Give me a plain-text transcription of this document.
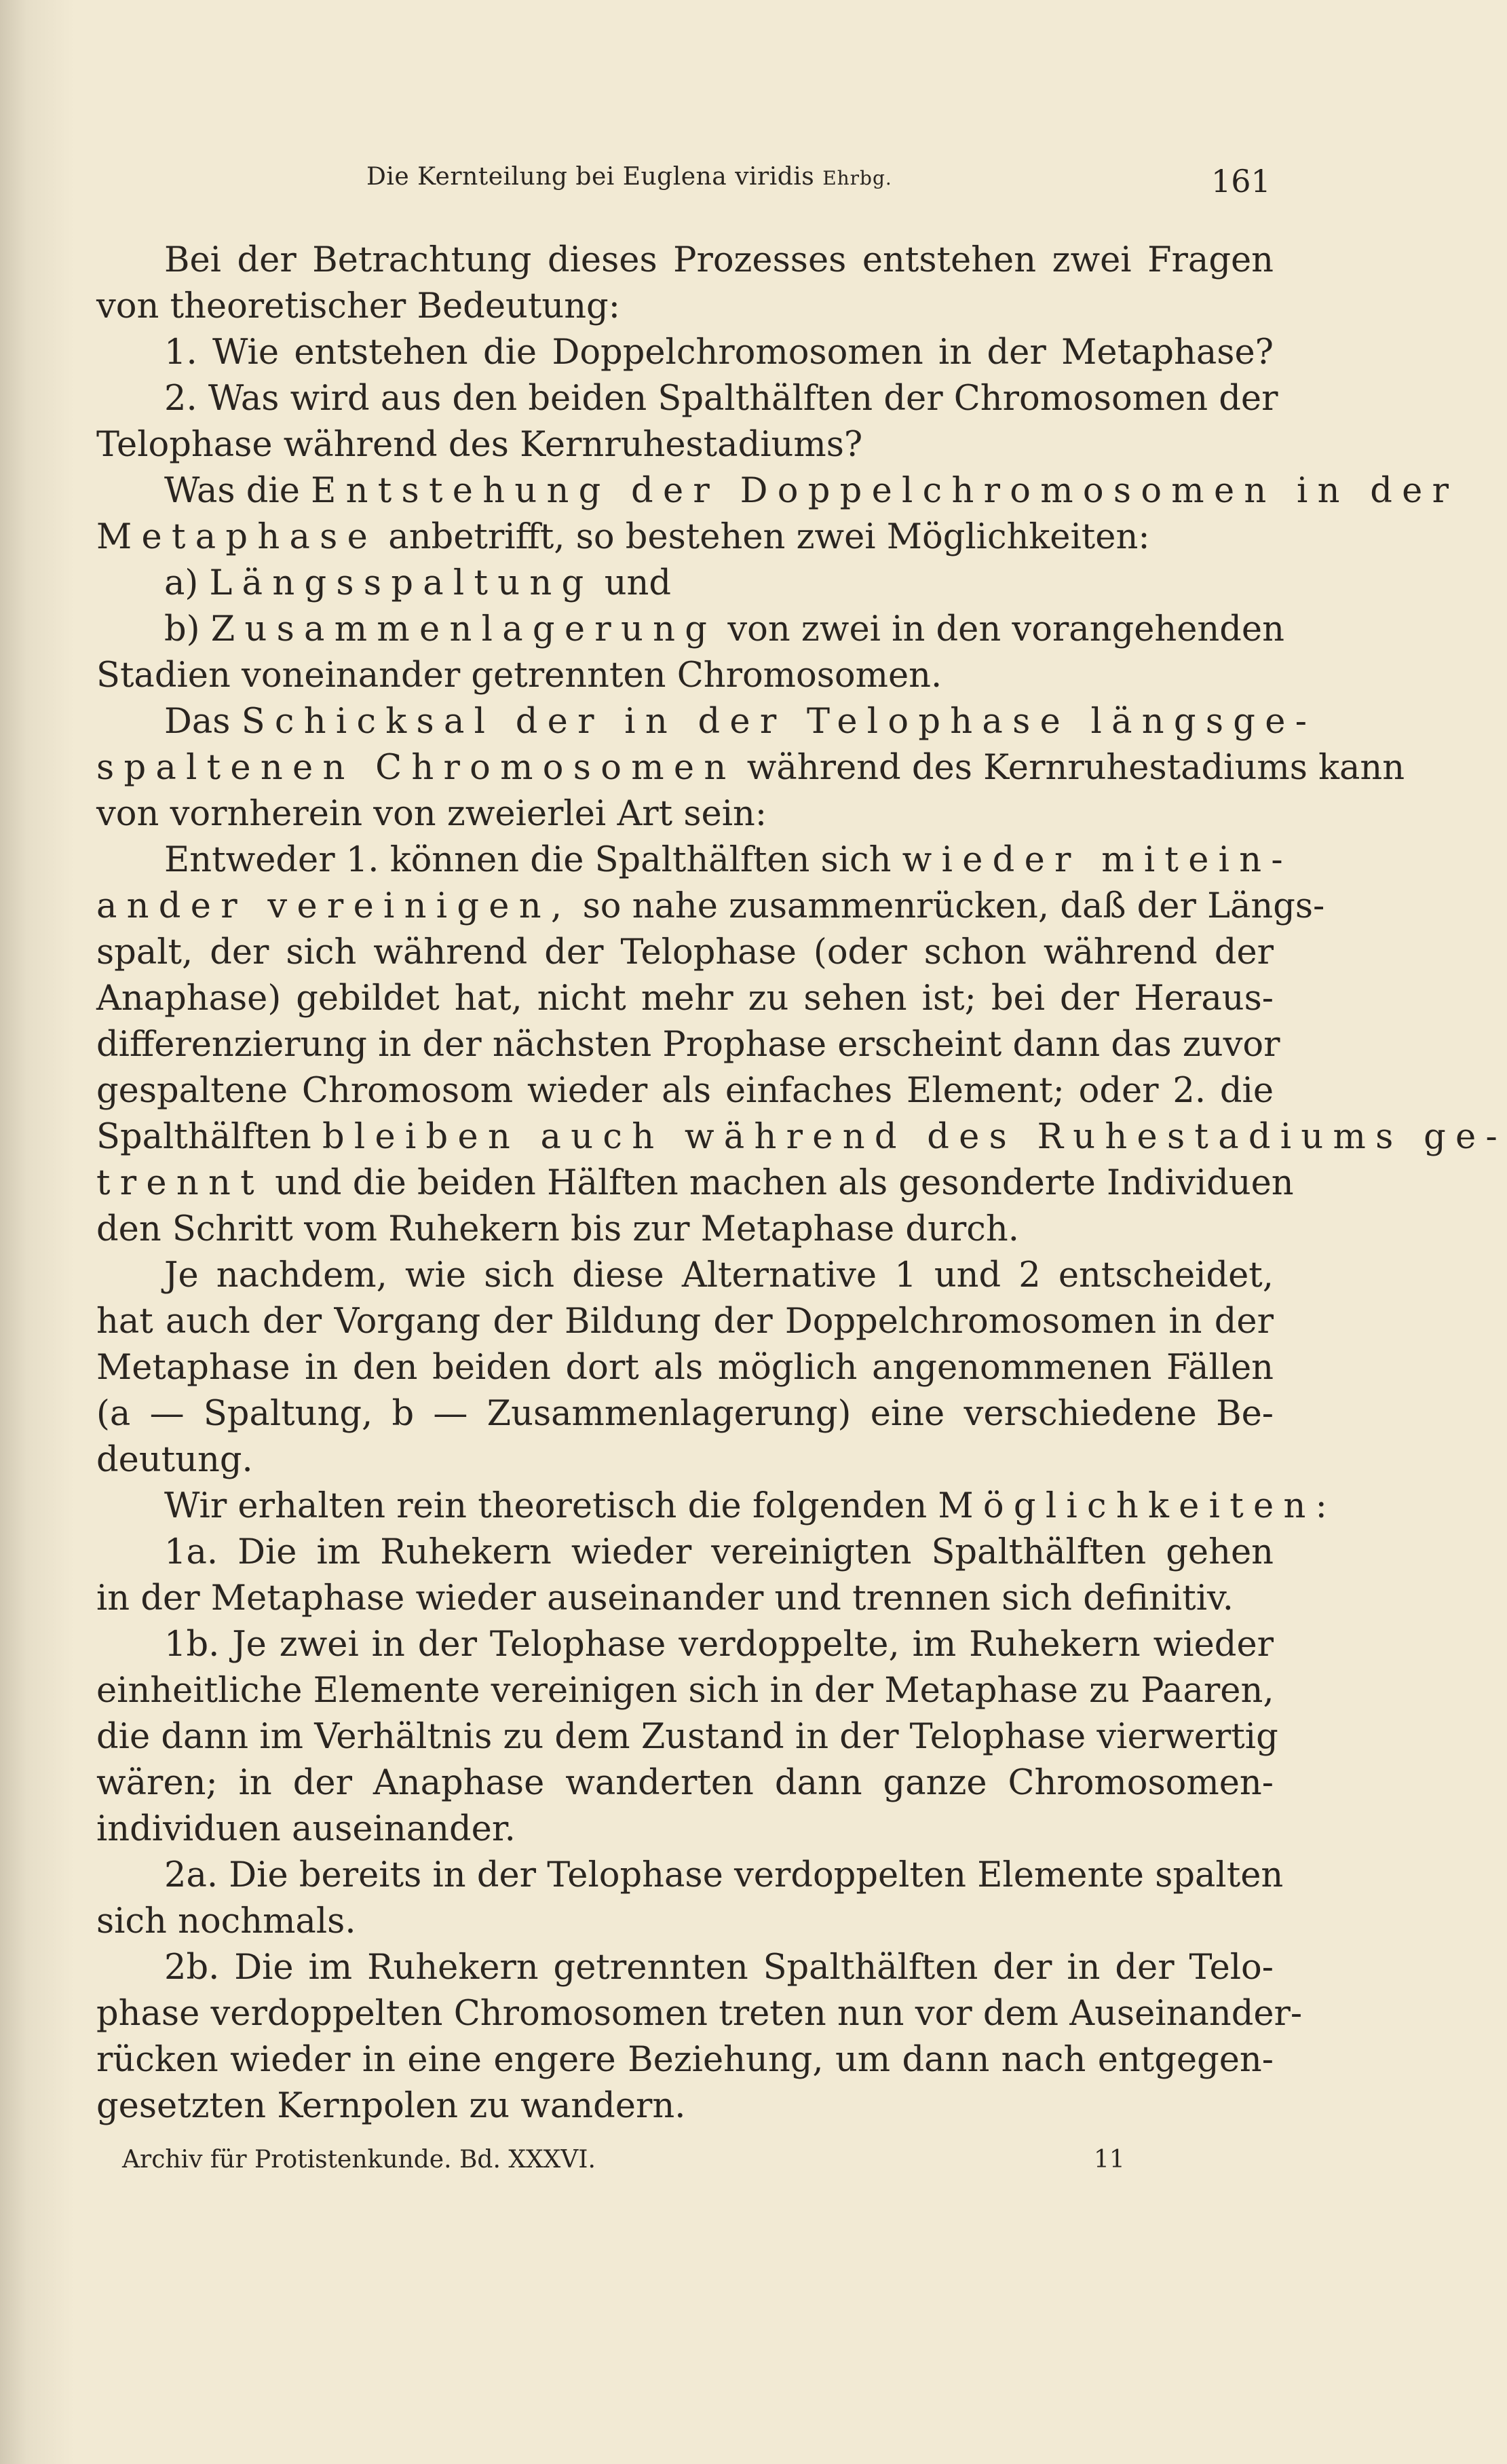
Die Kernteilung bei Euglena viridis Ehrbg.	161
Bei der Betrachtung dieses Prozesses entstehen zwei Fragen
von theoretischer Bedeutung:
1. Wie entstehen die Doppelchromosomen in der Metaphase?
2. Was wird aus den beiden Spalthälften der Chromosomen der
Telophase während des Kernruhestadiums?
Was die Entstehung der Doppelchromosomen in der
Metaphase anbetrifft, so bestehen zwei Möglichkeiten:
a) Längsspaltung und
b) Zusammenlagerung von zwei in den vorangehenden
Stadien voneinander getrennten Chromosomen.
Das Schicksal der in der Telophase längsge-
spaltenen Chromosomen während des Kernruhestadiums kann
von vornherein von zweierlei Art sein:
Entweder 1. können die Spalthälften sich wieder mitein-
ander vereinigen, so nahe zusammenrücken, daß der Längs-
spalt, der sich während der Telophase (oder schon während der
Anaphase) gebildet hat, nicht mehr zu sehen ist; bei der Heraus-
differenzierung in der nächsten Prophase erscheint dann das zuvor
gespaltene Chromosom wieder als einfaches Element; oder 2. die
Spalthälften bleiben auch während des Ruhestadiums ge-
trennt und die beiden Hälften machen als gesonderte Individuen
den Schritt vom Ruhekern bis zur Metaphase durch.
Je nachdem, wie sich diese Alternative 1 und 2 entscheidet,
hat auch der Vorgang der Bildung der Doppelchromosomen in der
Metaphase in den beiden dort als möglich angenommenen Fällen
(a — Spaltung, b — Zusammenlagerung) eine verschiedene Be-
deutung.
Wir erhalten rein theoretisch die folgenden Möglichkeiten:
1a. Die im Ruhekern wieder vereinigten Spalthälften gehen
in der Metaphase wieder auseinander und trennen sich definitiv.
1b. Je zwei in der Telophase verdoppelte, im Ruhekern wieder
einheitliche Elemente vereinigen sich in der Metaphase zu Paaren,
die dann im Verhältnis zu dem Zustand in der Telophase vierwertig
wären; in der Anaphase wanderten dann ganze Chromosomen-
individuen auseinander.
2a. Die bereits in der Telophase verdoppelten Elemente spalten
sich nochmals.
2b. Die im Ruhekern getrennten Spalthälften der in der Telo-
phase verdoppelten Chromosomen treten nun vor dem Auseinander-
rücken wieder in eine engere Beziehung, um dann nach entgegen-
gesetzten Kernpolen zu wandern.
Archiv für Protistenkunde. Bd. XXXVI.	11
